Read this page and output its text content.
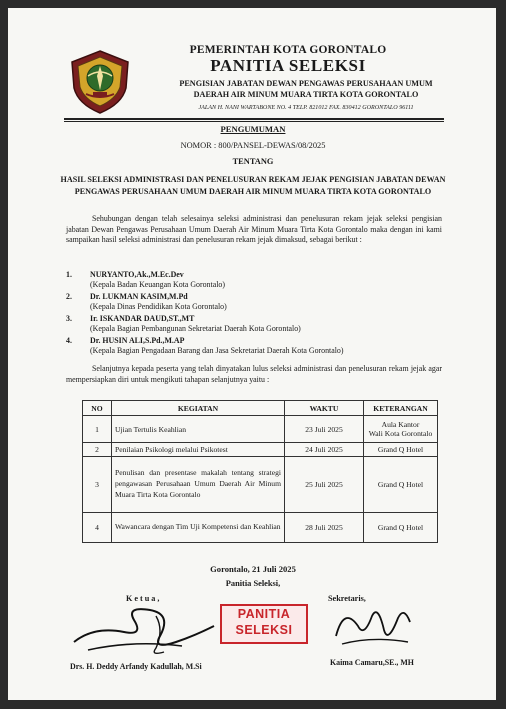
PEMERINTAH KOTA GORONTALO
PANITIA SELEKSI
PENGISIAN JABATAN DEWAN PENGAWAS PERUSAHAAN UMUM
DAERAH AIR MINUM MUARA TIRTA KOTA GORONTALO
JALAN H. NANI WARTABONE NO. 4 TELP. 821012 FAX. 830412 GORONTALO 96111
PENGUMUMAN
NOMOR : 800/PANSEL-DEWAS/08/2025
TENTANG
HASIL SELEKSI ADMINISTRASI DAN PENELUSURAN REKAM JEJAK PENGISIAN JABATAN DEWAN PENGAWAS PERUSAHAAN UMUM DAERAH AIR MINUM MUARA TIRTA KOTA GORONTALO
Sehubungan dengan telah selesainya seleksi administrasi dan penelusuran rekam jejak seleksi pengisian jabatan Dewan Pengawas Perusahaan Umum Daerah Air Minum Muara Tirta Kota Gorontalo maka dengan ini kami sampaikan hasil seleksi administrasi dan penelusuran rekam jejak dimaksud, sebagai berikut :
1. NURYANTO,Ak.,M.Ec.Dev
(Kepala Badan Keuangan Kota Gorontalo)
2. Dr. LUKMAN KASIM,M.Pd
(Kepala Dinas Pendidikan Kota Gorontalo)
3. Ir. ISKANDAR DAUD,ST.,MT
(Kepala Bagian Pembangunan Sekretariat Daerah Kota Gorontalo)
4. Dr. HUSIN ALI,S.Pd.,M.AP
(Kepala Bagian Pengadaan Barang dan Jasa Sekretariat Daerah Kota Gorontalo)
Selanjutnya kepada peserta yang telah dinyatakan lulus seleksi administrasi dan penelusuran rekam jejak agar mempersiapkan diri untuk mengikuti tahapan selanjutnya yaitu :
NO	KEGIATAN	WAKTU	KETERANGAN
1	Ujian Tertulis Keahlian	23 Juli 2025	Aula Kantor
Wali Kota Gorontalo

2	Penilaian Psikologi melalui Psikotest	24 Juli 2025	Grand Q Hotel
3	Penulisan dan presentase makalah tentang strategi pengawasan Perusahaan Umum Daerah Air Minum Muara Tirta Kota Gorontalo	25 Juli 2025	Grand Q Hotel
4	Wawancara dengan Tim Uji Kompetensi dan Keahlian	28 Juli 2025	Grand Q Hotel
Gorontalo, 21 Juli 2025
Panitia Seleksi,
Ketua,	Sekretaris,
PANITIA
SELEKSI
Drs. H. Deddy Arfandy Kadullah, M.Si	Kaima Camaru,SE., MH
